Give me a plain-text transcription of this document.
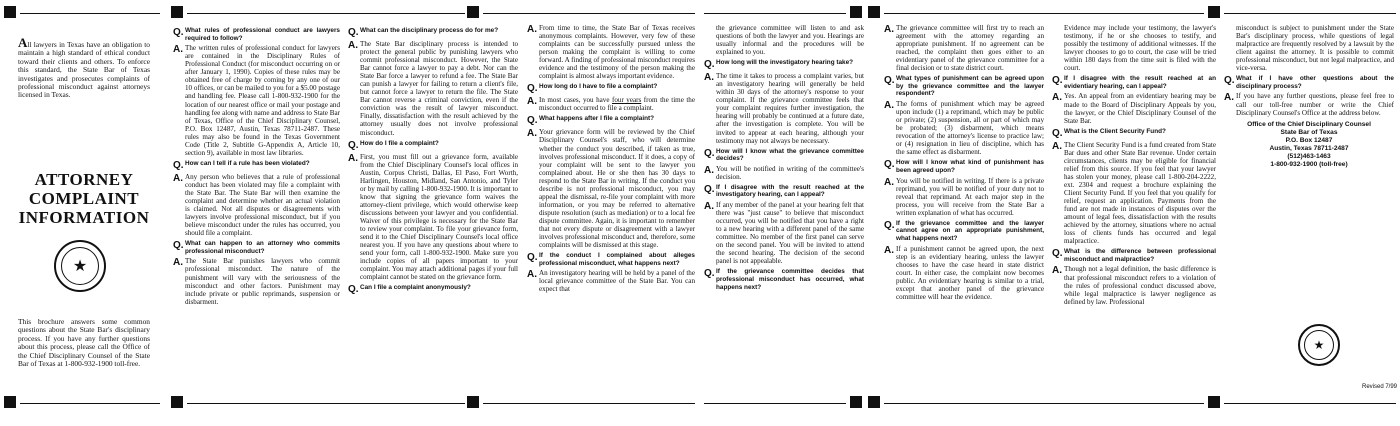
All lawyers in Texas have an obligation to maintain a high standard of ethical conduct toward their clients and others. To enforce this standard, the State Bar of Texas investigates and prosecutes complaints of professional misconduct against attorneys licensed in Texas.
ATTORNEY
COMPLAINT
INFORMATION
★
This brochure answers some common questions about the State Bar's disciplinary process. If you have any further questions about this process, please call the Office of the Chief Disciplinary Counsel of the State Bar of Texas at 1-800-932-1900 toll-free.
Q. What rules of professional conduct are lawyers required to follow?
A. The written rules of professional conduct for lawyers are contained in the Disciplinary Rules of Professional Conduct (for misconduct occurring on or after January 1, 1990). Copies of these rules may be obtained free of charge by coming by any one of our 10 offices, or can be mailed to you for a $5.00 postage and handling fee. Please call 1-800-932-1900 for the location of our nearest office or mail your postage and handling fee along with name and address to State Bar of Texas, Office of the Chief Disciplinary Counsel, P.O. Box 12487, Austin, Texas 78711-2487. These rules may also be found in the Texas Government Code (Title 2, Subtitle G-Appendix A, Article 10, section 9), available in most law libraries.
Q. How can I tell if a rule has been violated?
A. Any person who believes that a rule of professional conduct has been violated may file a complaint with the State Bar. The State Bar will then examine the complaint and determine whether an actual violation is claimed. Not all disputes or disagreements with lawyers involve professional misconduct, but if you believe misconduct under the rules has occurred, you should file a complaint.
Q. What can happen to an attorney who commits professional misconduct?
A. The State Bar punishes lawyers who commit professional misconduct. The nature of the punishment will vary with the seriousness of the misconduct and other factors. Punishment may include private or public reprimands, suspension or disbarment.
Q. What can the disciplinary process do for me?
A. The State Bar disciplinary process is intended to protect the general public by punishing lawyers who commit professional misconduct. However, the State Bar cannot force a lawyer to pay a debt. Nor can the State Bar force a lawyer to refund a fee. The State Bar can punish a lawyer for failing to return a client's file, but cannot force a lawyer to return the file. The State Bar cannot reverse a criminal conviction, even if the conviction was the result of lawyer misconduct. Finally, dissatisfaction with the result achieved by the attorney usually does not involve professional misconduct.
Q. How do I file a complaint?
A. First, you must fill out a grievance form, available from the Chief Disciplinary Counsel's local offices in Austin, Corpus Christi, Dallas, El Paso, Fort Worth, Harlingen, Houston, Midland, San Antonio, and Tyler or by mail by calling 1-800-932-1900. It is important to know that signing the grievance form waives the attorney-client privilege, which would otherwise keep discussions between your lawyer and you confidential. Waiver of this privilege is necessary for the State Bar to review your complaint. To file your grievance form, send it to the Chief Disciplinary Counsel's local office nearest you. If you have any questions about where to send your form, call 1-800-932-1900. Make sure you include copies of all papers important to your complaint. You may attach additional pages if your full complaint cannot be stated on the grievance form.
Q. Can I file a complaint anonymously?
A. From time to time, the State Bar of Texas receives anonymous complaints. However, very few of these complaints can be successfully pursued unless the person making the complaint is willing to come forward. A finding of professional misconduct requires evidence and the testimony of the person making the complaint is almost always important evidence.
Q. How long do I have to file a complaint?
A. In most cases, you have four years from the time the misconduct occurred to file a complaint.
Q. What happens after I file a complaint?
A. Your grievance form will be reviewed by the Chief Disciplinary Counsel's staff, who will determine whether the conduct you described, if taken as true, involves professional misconduct. If it does, a copy of your complaint will be sent to the lawyer you complained about. He or she then has 30 days to respond to the State Bar in writing. If the conduct you describe is not professional misconduct, you may appeal the dismissal, re-file your complaint with more information, or you may be referred to alternative dispute resolution (such as mediation) or to a local fee dispute committee. Again, it is important to remember that not every dispute or disagreement with a lawyer involves professional misconduct and, therefore, some complaints will be dismissed at this stage.
Q. If the conduct I complained about alleges professional misconduct, what happens next?
A. An investigatory hearing will be held by a panel of the local grievance committee of the State Bar. You can expect that
the grievance committee will listen to and ask questions of both the lawyer and you. Hearings are usually informal and the procedures will be explained to you.
Q. How long will the investigatory hearing take?
A. The time it takes to process a complaint varies, but an investigatory hearing will generally be held within 30 days of the attorney's response to your complaint. If the grievance committee feels that your complaint requires further investigation, the hearing will probably be continued at a future date, after the investigation is complete. You will be invited to appear at each hearing, although your testimony may not always be necessary.
Q. How will I know what the grievance committee decides?
A. You will be notified in writing of the committee's decision.
Q. If I disagree with the result reached at the investigatory hearing, can I appeal?
A. If any member of the panel at your hearing felt that there was "just cause" to believe that misconduct occurred, you will be notified that you have a right to a new hearing with a different panel of the same committee. No member of the first panel can serve on the second panel. You will be invited to attend the second hearing. The decision of the second panel is not appealable.
Q. If the grievance committee decides that professional misconduct has occurred, what happens next?
A. The grievance committee will first try to reach an agreement with the attorney regarding an appropriate punishment. If no agreement can be reached, the complaint then goes either to an evidentiary panel of the grievance committee for a final decision or to state district court.
Q. What types of punishment can be agreed upon by the grievance committee and the lawyer respondent?
A. The forms of punishment which may be agreed upon include (1) a reprimand, which may be public or private; (2) suspension, all or part of which may be probated; (3) disbarment, which means revocation of the attorney's license to practice law; or (4) resignation in lieu of discipline, which has the same effect as disbarment.
Q. How will I know what kind of punishment has been agreed upon?
A. You will be notified in writing. If there is a private reprimand, you will be notified of your duty not to reveal that reprimand. At each major step in the process, you will receive from the State Bar a written explanation of what has occurred.
Q. If the grievance committee and the lawyer cannot agree on an appropriate punishment, what happens next?
A. If a punishment cannot be agreed upon, the next step is an evidentiary hearing, unless the lawyer chooses to have the case heard in state district court. In either case, the complaint now becomes public. An evidentiary hearing is similar to a trial, except that another panel of the grievance committee will hear the evidence.
Evidence may include your testimony, the lawyer's testimony, if he or she chooses to testify, and possibly the testimony of additional witnesses. If the lawyer chooses to go to court, the case will be tried within 180 days from the time suit is filed with the court.
Q. If I disagree with the result reached at an evidentiary hearing, can I appeal?
A. Yes. An appeal from an evidentiary hearing may be made to the Board of Disciplinary Appeals by you, the lawyer, or the Chief Disciplinary Counsel of the State Bar.
Q. What is the Client Security Fund?
A. The Client Security Fund is a fund created from State Bar dues and other State Bar revenue. Under certain circumstances, clients may be eligible for financial relief from this source. If you feel that your lawyer has stolen your money, please call 1-800-204-2222, ext. 2304 and request a brochure explaining the Client Security Fund. If you feel that you qualify for relief, request an application. Payments from the fund are not made in instances of disputes over the amount of legal fees, dissatisfaction with the results achieved by the attorney, situations where no actual loss of clients funds has occurred and legal malpractice.
Q. What is the difference between professional misconduct and malpractice?
A. Though not a legal definition, the basic difference is that professional misconduct refers to a violation of the rules of professional conduct discussed above, while legal malpractice is lawyer negligence as defined by law. Professional
misconduct is subject to punishment under the State Bar's disciplinary process, while questions of legal malpractice are frequently resolved by a lawsuit by the client against the attorney. It is possible to commit professional misconduct, but not legal malpractice, and vice-versa.
Q. What if I have other questions about the disciplinary process?
A. If you have any further questions, please feel free to call our toll-free number or write the Chief Disciplinary Counsel's Office at the address below.
Office of the Chief Disciplinary Counsel
State Bar of Texas
P.O. Box 12487
Austin, Texas 78711-2487
(512)463-1463
1-800-932-1900 (toll-free)
★
Revised 7/99
